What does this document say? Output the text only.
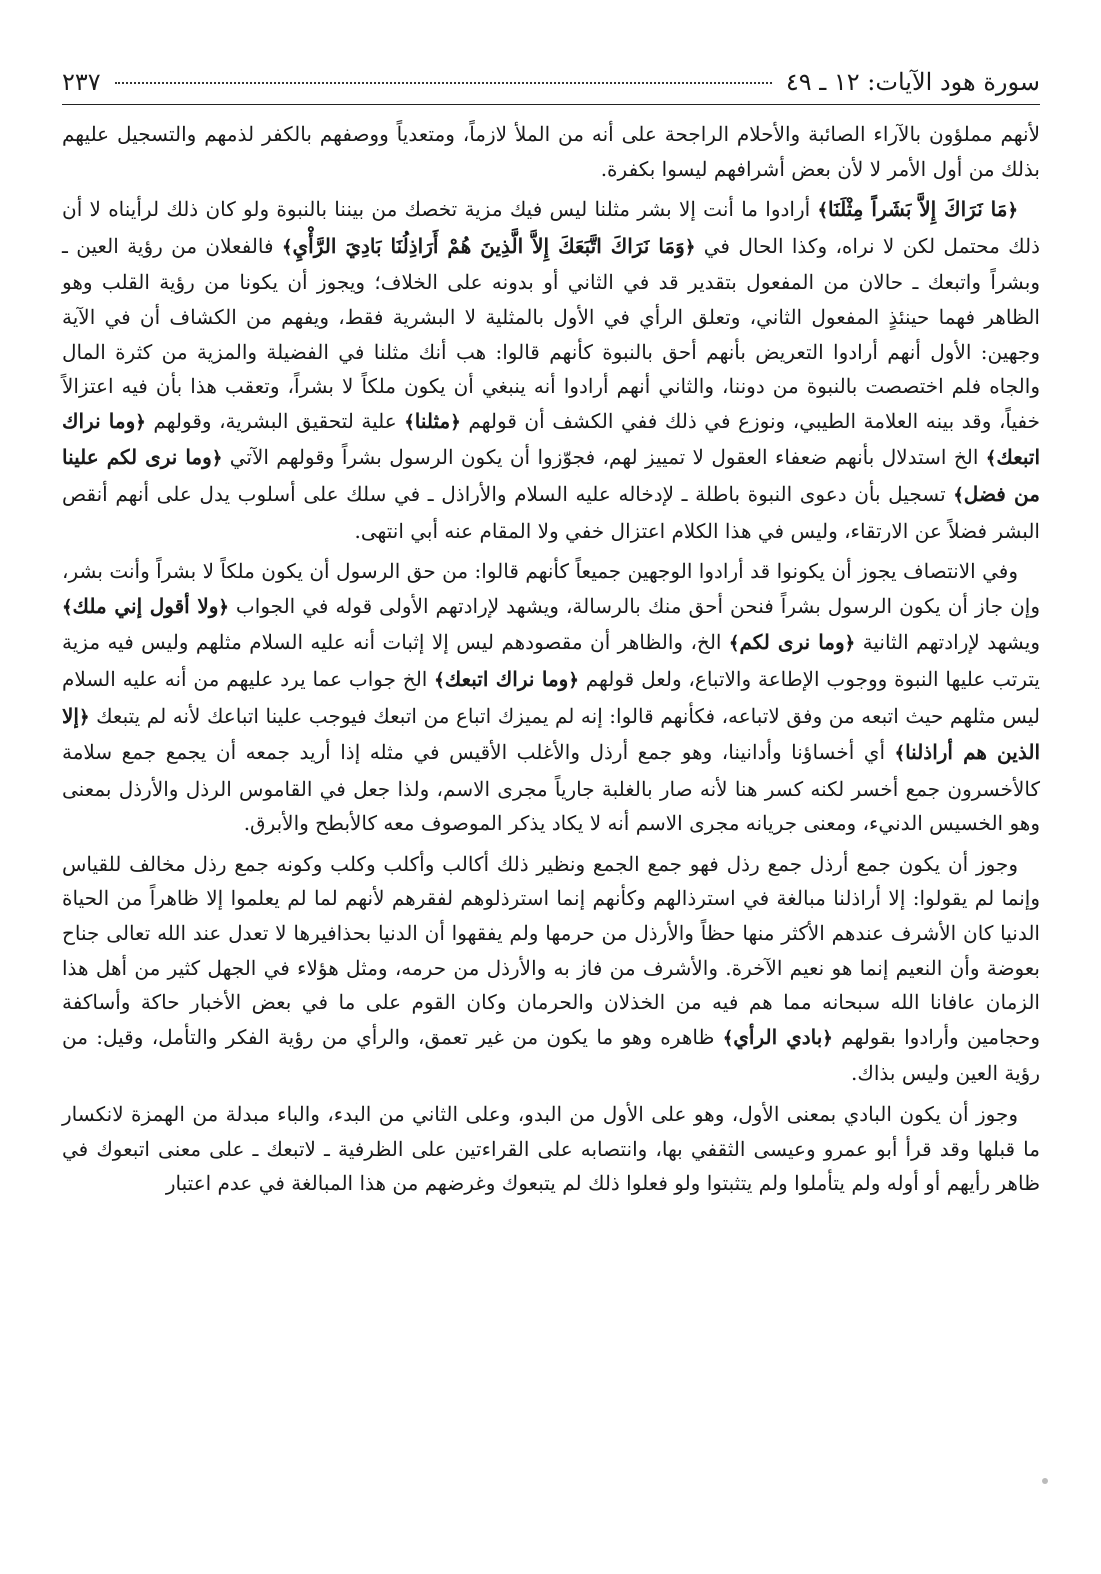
سورة هود الآيات: ١٢ ـ ٤٩
٢٣٧

لأنهم مملؤون بالآراء الصائبة والأحلام الراجحة على أنه من الملأ لازماً، ومتعدياً ووصفهم بالكفر لذمهم والتسجيل عليهم بذلك من أول الأمر لا لأن بعض أشرافهم ليسوا بكفرة.

﴿مَا نَرَاكَ إِلاَّ بَشَراً مِثْلَنَا﴾ أرادوا ما أنت إلا بشر مثلنا ليس فيك مزية تخصك من بيننا بالنبوة ولو كان ذلك لرأيناه لا أن ذلك محتمل لكن لا نراه، وكذا الحال في ﴿وَمَا نَرَاكَ اتَّبَعَكَ إِلاَّ الَّذِينَ هُمْ أَرَاذِلُنَا بَادِيَ الرَّأْيِ﴾ فالفعلان من رؤية العين ـ وبشراً واتبعك ـ حالان من المفعول بتقدير قد في الثاني أو بدونه على الخلاف؛ ويجوز أن يكونا من رؤية القلب وهو الظاهر فهما حينئذٍ المفعول الثاني، وتعلق الرأي في الأول بالمثلية لا البشرية فقط، ويفهم من الكشاف أن في الآية وجهين: الأول أنهم أرادوا التعريض بأنهم أحق بالنبوة كأنهم قالوا: هب أنك مثلنا في الفضيلة والمزية من كثرة المال والجاه فلم اختصصت بالنبوة من دوننا، والثاني أنهم أرادوا أنه ينبغي أن يكون ملكاً لا بشراً، وتعقب هذا بأن فيه اعتزالاً خفياً، وقد بينه العلامة الطيبي، ونوزع في ذلك ففي الكشف أن قولهم ﴿مثلنا﴾ علية لتحقيق البشرية، وقولهم ﴿وما نراك اتبعك﴾ الخ استدلال بأنهم ضعفاء العقول لا تمييز لهم، فجوّزوا أن يكون الرسول بشراً وقولهم الآتي ﴿وما نرى لكم علينا من فضل﴾ تسجيل بأن دعوى النبوة باطلة ـ لإدخاله عليه السلام والأراذل ـ في سلك على أسلوب يدل على أنهم أنقص البشر فضلاً عن الارتقاء، وليس في هذا الكلام اعتزال خفي ولا المقام عنه أبي انتهى.

وفي الانتصاف يجوز أن يكونوا قد أرادوا الوجهين جميعاً كأنهم قالوا: من حق الرسول أن يكون ملكاً لا بشراً وأنت بشر، وإن جاز أن يكون الرسول بشراً فنحن أحق منك بالرسالة، ويشهد لإرادتهم الأولى قوله في الجواب ﴿ولا أقول إني ملك﴾ ويشهد لإرادتهم الثانية ﴿وما نرى لكم﴾ الخ، والظاهر أن مقصودهم ليس إلا إثبات أنه عليه السلام مثلهم وليس فيه مزية يترتب عليها النبوة ووجوب الإطاعة والاتباع، ولعل قولهم ﴿وما نراك اتبعك﴾ الخ جواب عما يرد عليهم من أنه عليه السلام ليس مثلهم حيث اتبعه من وفق لاتباعه، فكأنهم قالوا: إنه لم يميزك اتباع من اتبعك فيوجب علينا اتباعك لأنه لم يتبعك ﴿إلا الذين هم أراذلنا﴾ أي أخساؤنا وأدانينا، وهو جمع أرذل والأغلب الأقيس في مثله إذا أريد جمعه أن يجمع جمع سلامة كالأخسرون جمع أخسر لكنه كسر هنا لأنه صار بالغلبة جارياً مجرى الاسم، ولذا جعل في القاموس الرذل والأرذل بمعنى وهو الخسيس الدنيء، ومعنى جريانه مجرى الاسم أنه لا يكاد يذكر الموصوف معه كالأبطح والأبرق.

وجوز أن يكون جمع أرذل جمع رذل فهو جمع الجمع ونظير ذلك أكالب وأكلب وكلب وكونه جمع رذل مخالف للقياس وإنما لم يقولوا: إلا أراذلنا مبالغة في استرذالهم وكأنهم إنما استرذلوهم لفقرهم لأنهم لما لم يعلموا إلا ظاهراً من الحياة الدنيا كان الأشرف عندهم الأكثر منها حظاً والأرذل من حرمها ولم يفقهوا أن الدنيا بحذافيرها لا تعدل عند الله تعالى جناح بعوضة وأن النعيم إنما هو نعيم الآخرة. والأشرف من فاز به والأرذل من حرمه، ومثل هؤلاء في الجهل كثير من أهل هذا الزمان عافانا الله سبحانه مما هم فيه من الخذلان والحرمان وكان القوم على ما في بعض الأخبار حاكة وأساكفة وحجامين وأرادوا بقولهم ﴿بادي الرأي﴾ ظاهره وهو ما يكون من غير تعمق، والرأي من رؤية الفكر والتأمل، وقيل: من رؤية العين وليس بذاك.

وجوز أن يكون البادي بمعنى الأول، وهو على الأول من البدو، وعلى الثاني من البدء، والباء مبدلة من الهمزة لانكسار ما قبلها وقد قرأ أبو عمرو وعيسى الثقفي بها، وانتصابه على القراءتين على الظرفية ـ لاتبعك ـ على معنى اتبعوك في ظاهر رأيهم أو أوله ولم يتأملوا ولم يتثبتوا ولو فعلوا ذلك لم يتبعوك وغرضهم من هذا المبالغة في عدم اعتبار
